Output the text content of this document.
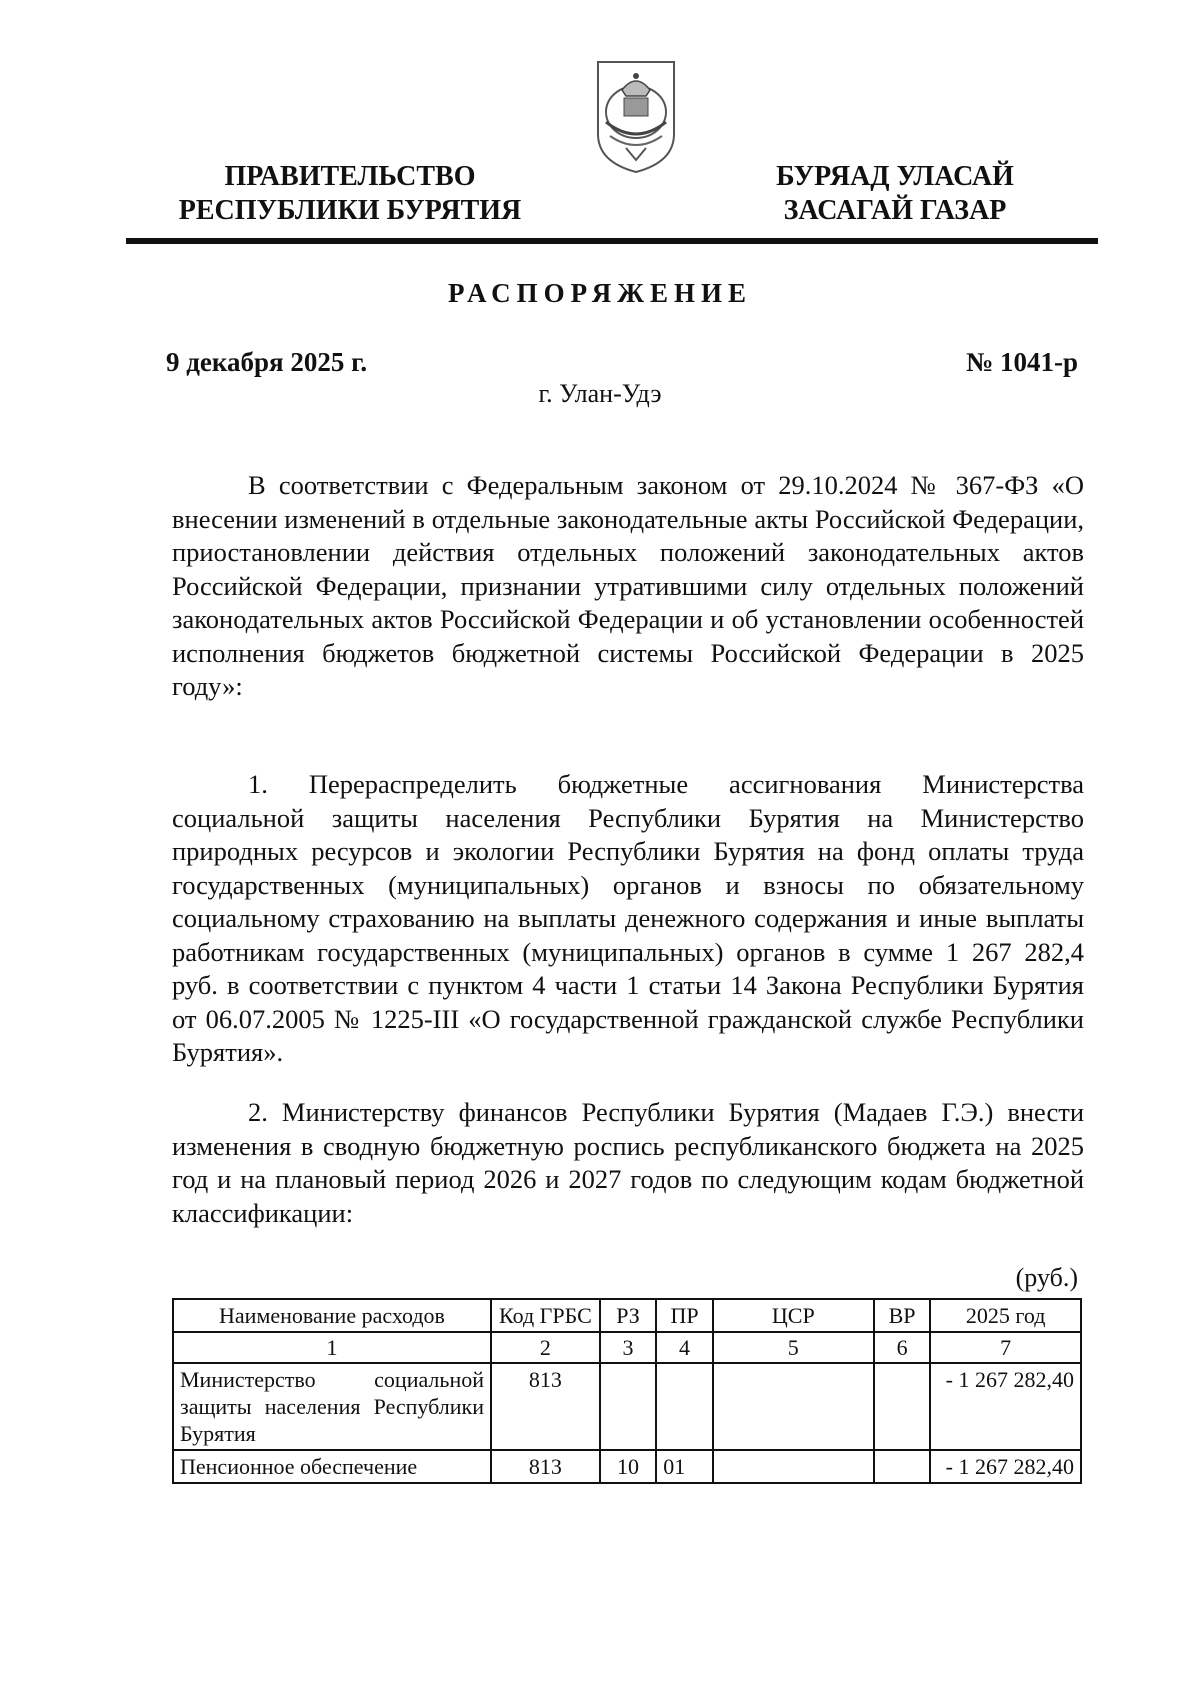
ПРАВИТЕЛЬСТВО
РЕСПУБЛИКИ БУРЯТИЯ
БУРЯАД УЛАСАЙ
ЗАСАГАЙ ГАЗАР
РАСПОРЯЖЕНИЕ
9 декабря 2025 г.	№ 1041-р
г. Улан-Удэ

В соответствии с Федеральным законом от 29.10.2024 № 367-ФЗ «О внесении изменений в отдельные законодательные акты Российской Федерации, приостановлении действия отдельных положений законодательных актов Российской Федерации, признании утратившими силу отдельных положений законодательных актов Российской Федерации и об установлении особенностей исполнения бюджетов бюджетной системы Российской Федерации в 2025 году»:

1. Перераспределить бюджетные ассигнования Министерства социальной защиты населения Республики Бурятия на Министерство природных ресурсов и экологии Республики Бурятия на фонд оплаты труда государственных (муниципальных) органов и взносы по обязательному социальному страхованию на выплаты денежного содержания и иные выплаты работникам государственных (муниципальных) органов в сумме 1 267 282,4 руб. в соответствии с пунктом 4 части 1 статьи 14 Закона Республики Бурятия от 06.07.2005 № 1225-III «О государственной гражданской службе Республики Бурятия».

2. Министерству финансов Республики Бурятия (Мадаев Г.Э.) внести изменения в сводную бюджетную роспись республиканского бюджета на 2025 год и на плановый период 2026 и 2027 годов по следующим кодам бюджетной классификации:

(руб.)
Наименование расходов	Код ГРБС	РЗ	ПР	ЦСР	ВР	2025 год
1	2	3	4	5	6	7
Министерство социальной защиты населения Республики Бурятия	813					- 1 267 282,40
Пенсионное обеспечение	813	10	01			- 1 267 282,40
